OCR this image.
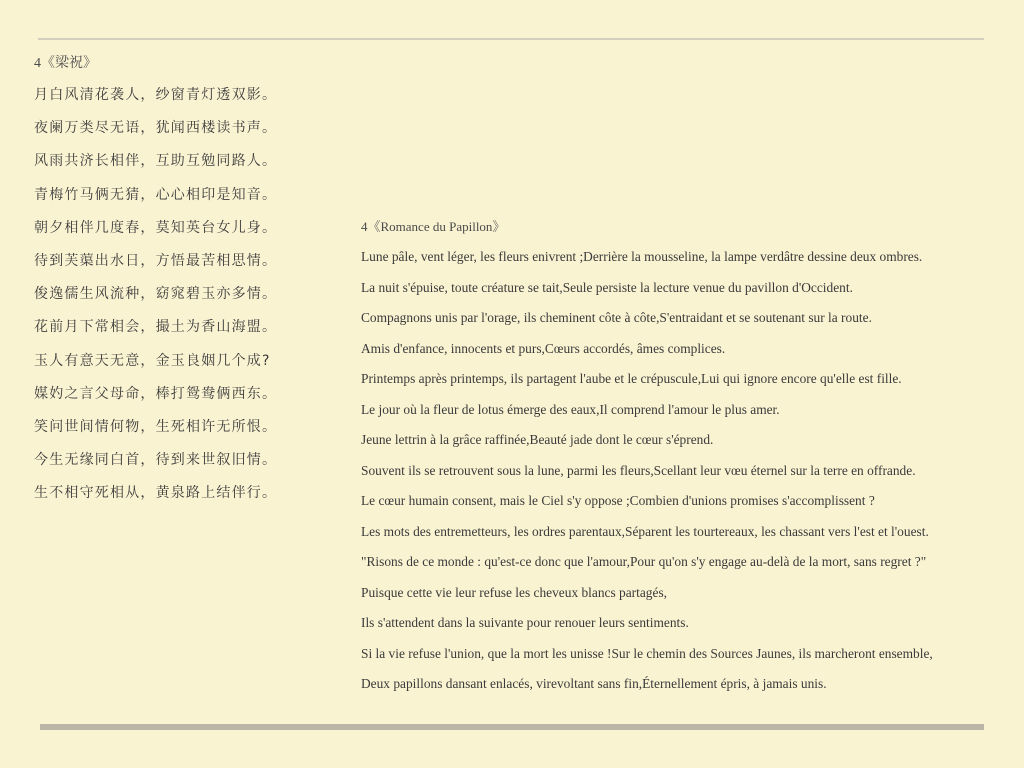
4《梁祝》
月白风清花袭人，纱窗青灯透双影。
夜阑万类尽无语，犹闻西楼读书声。
风雨共济长相伴，互助互勉同路人。
青梅竹马俩无猜，心心相印是知音。
朝夕相伴几度春，莫知英台女儿身。
待到芙蕖出水日，方悟最苦相思情。
俊逸儒生风流种，窈窕碧玉亦多情。
花前月下常相会，撮土为香山海盟。
玉人有意天无意，金玉良姻几个成?
媒妁之言父母命，棒打鸳鸯俩西东。
笑问世间情何物，生死相许无所恨。
今生无缘同白首，待到来世叙旧情。
生不相守死相从，黄泉路上结伴行。
4《Romance du Papillon》
Lune pâle, vent léger, les fleurs enivrent ;Derrière la mousseline, la lampe verdâtre dessine deux ombres.
La nuit s'épuise, toute créature se tait,Seule persiste la lecture venue du pavillon d'Occident.
Compagnons unis par l'orage, ils cheminent côte à côte,S'entraidant et se soutenant sur la route.
Amis d'enfance, innocents et purs,Cœurs accordés, âmes complices.
Printemps après printemps, ils partagent l'aube et le crépuscule,Lui qui ignore encore qu'elle est fille.
Le jour où la fleur de lotus émerge des eaux,Il comprend l'amour le plus amer.
Jeune lettrin à la grâce raffinée,Beauté jade dont le cœur s'éprend.
Souvent ils se retrouvent sous la lune, parmi les fleurs,Scellant leur vœu éternel sur la terre en offrande.
Le cœur humain consent, mais le Ciel s'y oppose ;Combien d'unions promises s'accomplissent ?
Les mots des entremetteurs, les ordres parentaux,Séparent les tourtereaux, les chassant vers l'est et l'ouest.
"Risons de ce monde : qu'est-ce donc que l'amour,Pour qu'on s'y engage au-delà de la mort, sans regret ?"
Puisque cette vie leur refuse les cheveux blancs partagés,
Ils s'attendent dans la suivante pour renouer leurs sentiments.
Si la vie refuse l'union, que la mort les unisse !Sur le chemin des Sources Jaunes, ils marcheront ensemble,
Deux papillons dansant enlacés, virevoltant sans fin,Éternellement épris, à jamais unis.
